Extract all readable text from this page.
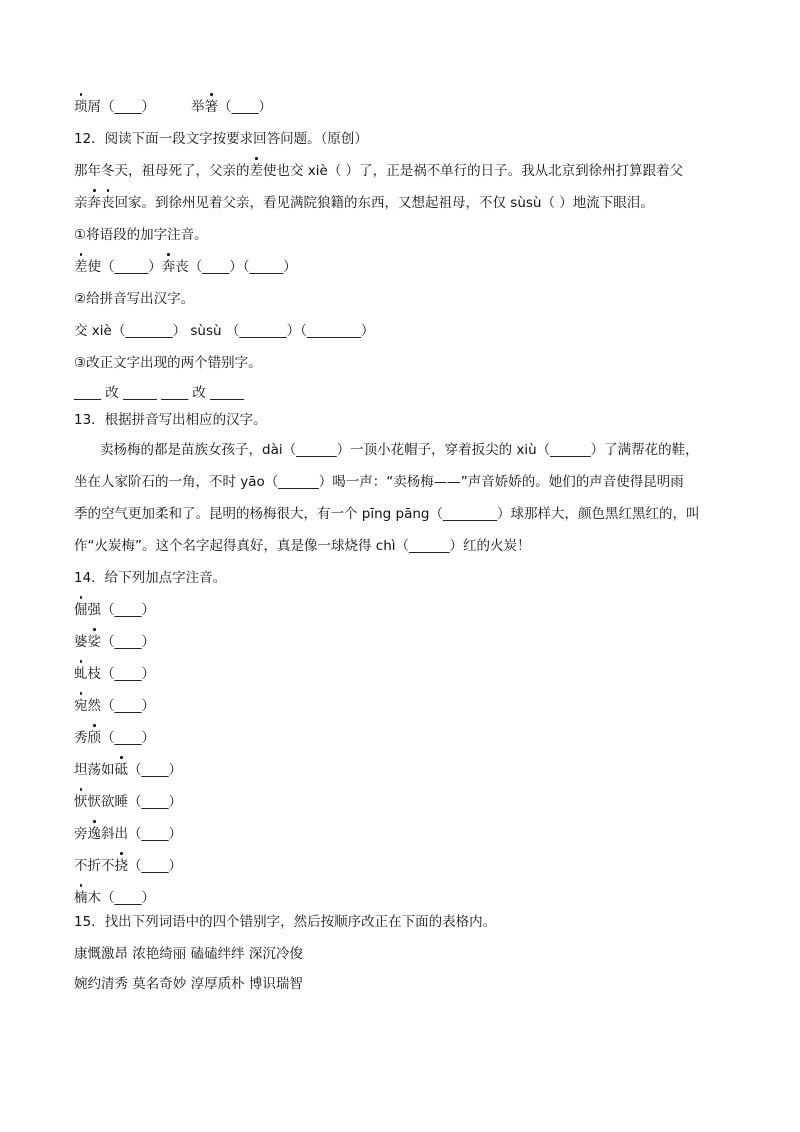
琐屑（____）	举箸（____）
12．阅读下面一段文字按要求回答问题。（原创）
那年冬天，祖母死了，父亲的差使也交 xiè（ ）了，正是祸不单行的日子。我从北京到徐州打算跟着父
亲奔丧回家。到徐州见着父亲，看见满院狼籍的东西，又想起祖母，不仅 sùsù（ ）地流下眼泪。
①将语段的加字注音。
差使（_____）奔丧（____）（_____）
②给拼音写出汉字。
交 xiè（_______） sùsù （_______）（________）
③改正文字出现的两个错别字。
____ 改 _____ ____ 改 _____
13．根据拼音写出相应的汉字。
卖杨梅的都是苗族女孩子，dài（______）一顶小花帽子，穿着扳尖的 xiù（______）了满帮花的鞋，
坐在人家阶石的一角，不时 yāo（______）喝一声：“卖杨梅——”声音娇娇的。她们的声音使得昆明雨
季的空气更加柔和了。昆明的杨梅很大，有一个 pīng pāng（________）球那样大，颜色黑红黑红的，叫
作“火炭梅”。这个名字起得真好，真是像一球烧得 chì（______）红的火炭！
14．给下列加点字注音。
倔强（____）
婆娑（____）
虬枝（____）
宛然（____）
秀颀（____）
坦荡如砥（____）
恹恹欲睡（____）
旁逸斜出（____）
不折不挠（____）
楠木（____）
15．找出下列词语中的四个错别字，然后按顺序改正在下面的表格内。
康慨激昂 浓艳绮丽 磕磕绊绊 深沉冷俊
婉约清秀 莫名奇妙 淳厚质朴 博识瑞智
